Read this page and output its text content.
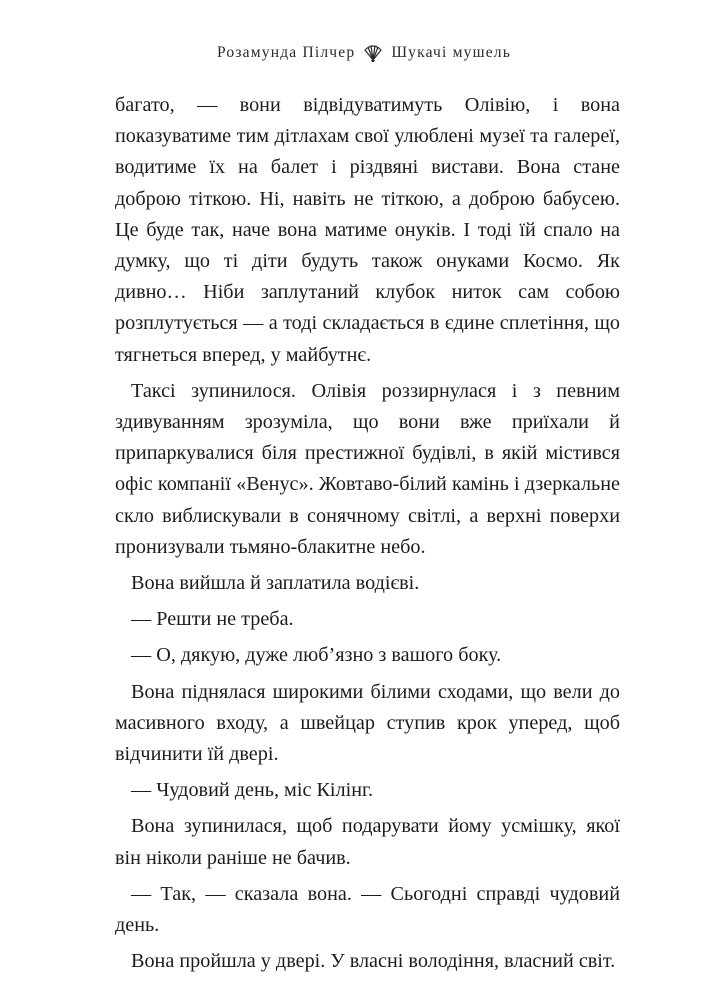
Розамунда Пілчер Шукачі мушель

багато, — вони відвідуватимуть Олівію, і вона показуватиме тим дітлахам свої улюблені музеї та галереї, водитиме їх на балет і різдвяні вистави. Вона стане доброю тіткою. Ні, навіть не тіткою, а доброю бабусею. Це буде так, наче вона матиме онуків. І тоді їй спало на думку, що ті діти будуть також онуками Космо. Як дивно… Ніби заплутаний клубок ниток сам собою розплутується — а тоді складається в єдине сплетіння, що тягнеться вперед, у майбутнє.

Таксі зупинилося. Олівія роззирнулася і з певним здивуванням зрозуміла, що вони вже приїхали й припаркувалися біля престижної будівлі, в якій містився офіс компанії «Венус». Жовтаво-білий камінь і дзеркальне скло виблискували в сонячному світлі, а верхні поверхи пронизували тьмяно-блакитне небо.

Вона вийшла й заплатила водієві.

— Решти не треба.

— О, дякую, дуже люб’язно з вашого боку.

Вона піднялася широкими білими сходами, що вели до масивного входу, а швейцар ступив крок уперед, щоб відчинити їй двері.

— Чудовий день, міс Кілінг.

Вона зупинилася, щоб подарувати йому усмішку, якої він ніколи раніше не бачив.

— Так, — сказала вона. — Сьогодні справді чудовий день.

Вона пройшла у двері. У власні володіння, власний світ.
